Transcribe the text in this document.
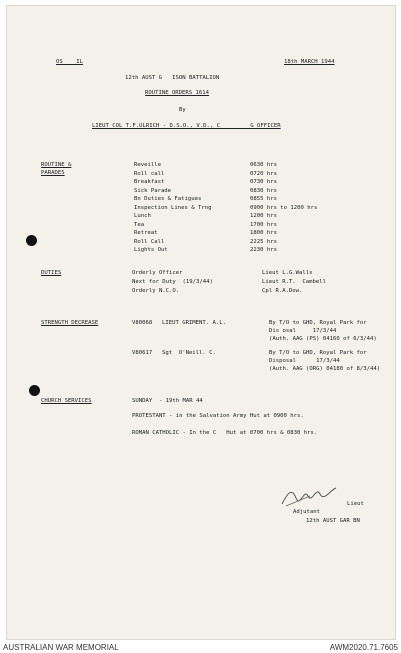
OS    IL	18th MARCH 1944
12th AUST G   ISON BATTALION
ROUTINE ORDERS 1614
By
LIEUT COL T.F.ULRICH - D.S.O., V.D., C         G OFFICER
ROUTINE &
PARADES
Reveille	0630 hrs
Roll call	0720 hrs
Breakfast	0730 hrs
Sick Parade	0830 hrs
Bn Duties & Fatigues	0855 hrs
Inspection Lines & Trng	0900 hrs to 1200 hrs
Lunch	1200 hrs
Tea	1700 hrs
Retreat	1800 hrs
Roll Call	2225 hrs
Lights Out	2230 hrs
DUTIES	Orderly Officer	Lieut L.G.Walls
Next for Duty  (19/3/44)	Lieut R.T.  Cambell
Orderly N.C.O.	Cpl R.A.Dow.
STRENGTH DECREASE	V80068 LIEUT GRIMENT. A.L.	By T/O to GHD, Royal Park for
Dis osal     17/3/44
(Auth. AAG (PS) 04160 of 6/3/44)
V80617 Sgt  O'Neill. C.	By T/O to GHD, Royal Park for
Disposal      17/3/44
(Auth. AAG (ORG) 04180 of 8/3/44)
CHURCH SERVICES	SUNDAY  - 19th MAR 44
PROTESTANT - in the Salvation Army Hut at 0900 hrs.
ROMAN CATHOLIC - In the C   Hut at 0700 hrs & 0830 hrs.
Lieut
Adjutant
12th AUST GAR BN
AUSTRALIAN WAR MEMORIAL	AWM2020.71.7605
